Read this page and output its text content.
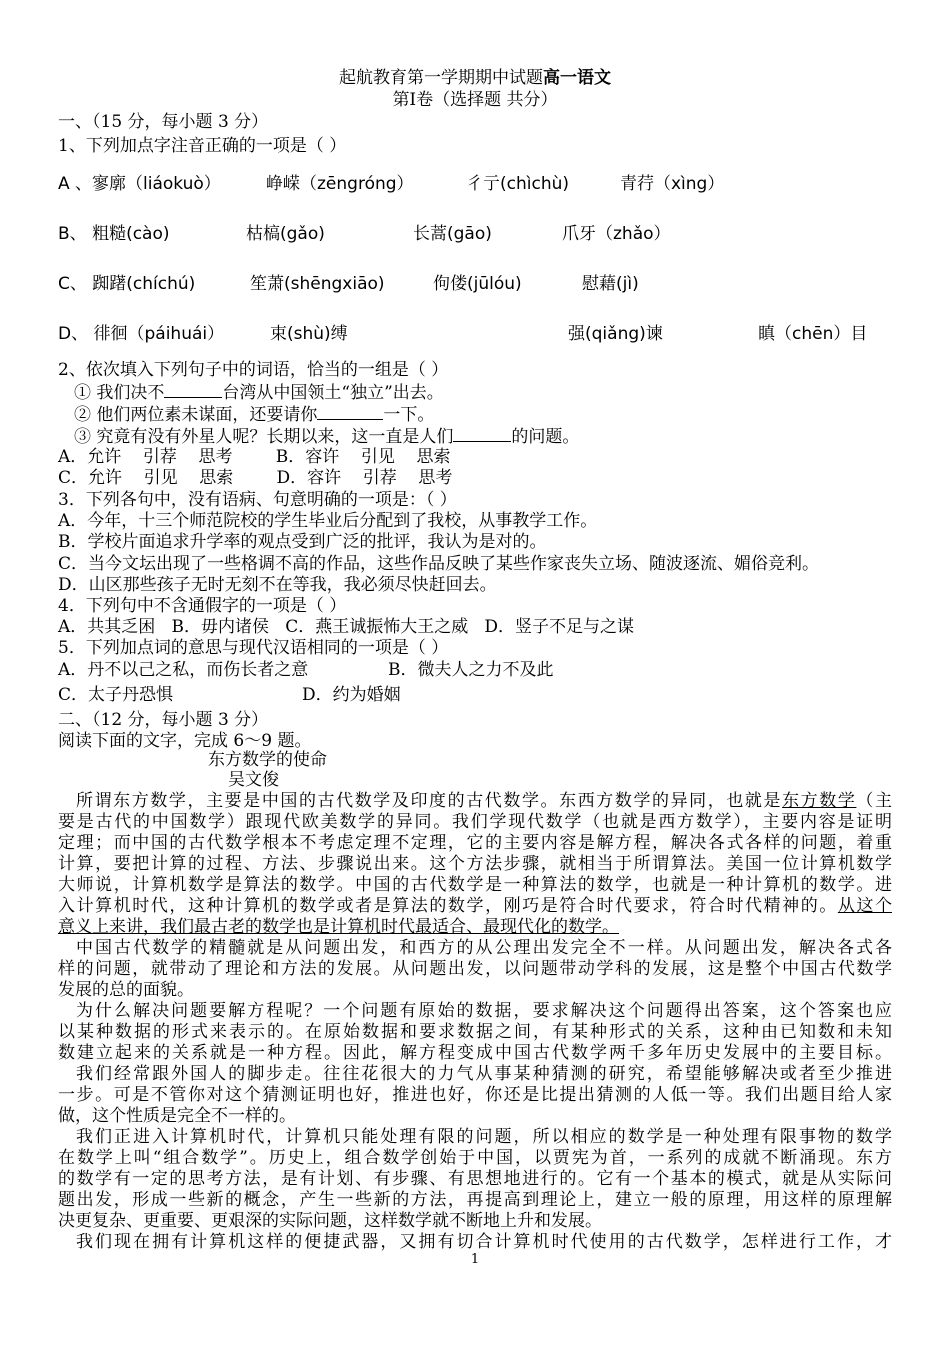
起航教育第一学期期中试题高一语文
第Ⅰ卷（选择题 共分）
一、（15 分，每小题 3 分）
1、下列加点字注音正确的一项是（ ）
A 、寥廓（liáokuò）	峥嵘（zēngróng）	彳亍(chìchù)	青荇（xìng）
B、 粗糙(cào)	枯槁(gǎo)	长蒿(gāo)	爪牙（zhǎo）
C、 踟躇(chíchú)	笙萧(shēngxiāo)	佝偻(jūlóu)	慰藉(jì)
D、 徘徊（páihuái）	束(shù)缚	强(qiǎng)谏	瞋（chēn）目
2、依次填入下列句子中的词语，恰当的一组是（ ）
① 我们决不	台湾从中国领土“独立”出去。
② 他们两位素未谋面，还要请你	一下。
③ 究竟有没有外星人呢？长期以来，这一直是人们	的问题。
A．允许    引荐    思考        B．容许    引见    思索
C．允许    引见    思索        D．容许    引荐    思考
3．下列各句中，没有语病、句意明确的一项是：（ ）
A．今年，十三个师范院校的学生毕业后分配到了我校，从事教学工作。
B．学校片面追求升学率的观点受到广泛的批评，我认为是对的。
C．当今文坛出现了一些格调不高的作品，这些作品反映了某些作家丧失立场、随波逐流、媚俗竞利。
D．山区那些孩子无时无刻不在等我，我必须尽快赶回去。
4．下列句中不含通假字的一项是（ ）
A．共其乏困   B．毋内诸侯   C．燕王诚振怖大王之威   D．竖子不足与之谋
5．下列加点词的意思与现代汉语相同的一项是（ ）
A．丹不以己之私，而伤长者之意	B．微夫人之力不及此
C．太子丹恐惧	D．约为婚姻
二、（12 分，每小题 3 分）
阅读下面的文字，完成 6～9 题。
东方数学的使命
吴文俊
所谓东方数学，主要是中国的古代数学及印度的古代数学。东西方数学的异同，也就是东方数学（主
要是古代的中国数学）跟现代欧美数学的异同。我们学现代数学（也就是西方数学），主要内容是证明
定理；而中国的古代数学根本不考虑定理不定理，它的主要内容是解方程，解决各式各样的问题，着重
计算，要把计算的过程、方法、步骤说出来。这个方法步骤，就相当于所谓算法。美国一位计算机数学
大师说，计算机数学是算法的数学。中国的古代数学是一种算法的数学，也就是一种计算机的数学。进
入计算机时代，这种计算机的数学或者是算法的数学，刚巧是符合时代要求，符合时代精神的。从这个
意义上来讲，我们最古老的数学也是计算机时代最适合、最现代化的数学。
中国古代数学的精髓就是从问题出发，和西方的从公理出发完全不一样。从问题出发，解决各式各
样的问题，就带动了理论和方法的发展。从问题出发，以问题带动学科的发展，这是整个中国古代数学
发展的总的面貌。
为什么解决问题要解方程呢？一个问题有原始的数据，要求解决这个问题得出答案，这个答案也应
以某种数据的形式来表示的。在原始数据和要求数据之间，有某种形式的关系，这种由已知数和未知
数建立起来的关系就是一种方程。因此，解方程变成中国古代数学两千多年历史发展中的主要目标。
我们经常跟外国人的脚步走。往往花很大的力气从事某种猜测的研究，希望能够解决或者至少推进
一步。可是不管你对这个猜测证明也好，推进也好，你还是比提出猜测的人低一等。我们出题目给人家
做，这个性质是完全不一样的。
我们正进入计算机时代，计算机只能处理有限的问题，所以相应的数学是一种处理有限事物的数学
在数学上叫“组合数学”。历史上，组合数学创始于中国，以贾宪为首，一系列的成就不断涌现。东方
的数学有一定的思考方法，是有计划、有步骤、有思想地进行的。它有一个基本的模式，就是从实际问
题出发，形成一些新的概念，产生一些新的方法，再提高到理论上，建立一般的原理，用这样的原理解
决更复杂、更重要、更艰深的实际问题，这样数学就不断地上升和发展。
我们现在拥有计算机这样的便捷武器，又拥有切合计算机时代使用的古代数学，怎样进行工作，才
1
